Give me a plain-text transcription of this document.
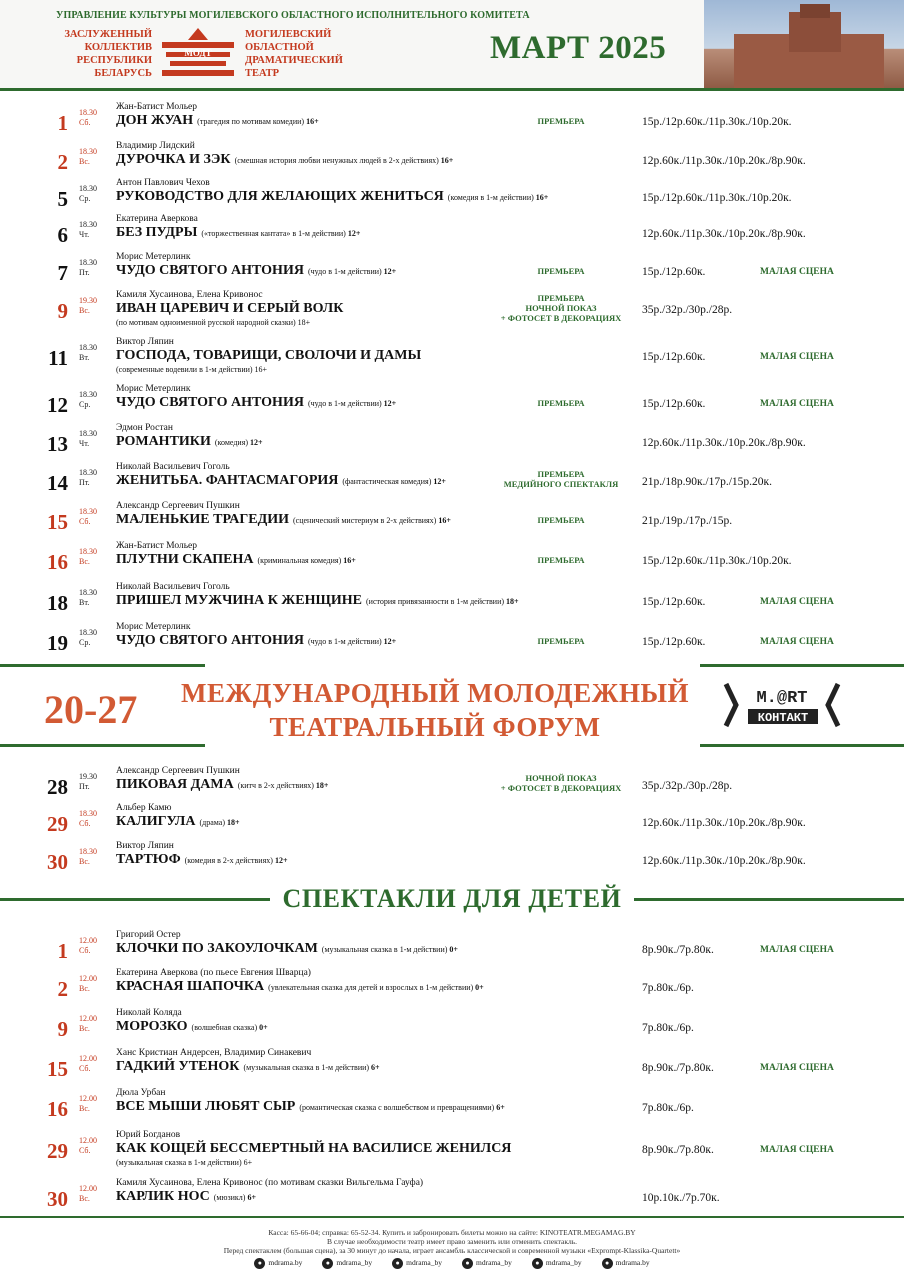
УПРАВЛЕНИЕ КУЛЬТУРЫ МОГИЛЕВСКОГО ОБЛАСТНОГО ИСПОЛНИТЕЛЬНОГО КОМИТЕТА
ЗАСЛУЖЕННЫЙ
КОЛЛЕКТИВ
РЕСПУБЛИКИ
БЕЛАРУСЬ
МОДТ
МОГИЛЕВСКИЙ
ОБЛАСТНОЙ
ДРАМАТИЧЕСКИЙ
ТЕАТР
МАРТ 2025
1 18.30
Сб.
Жан-Батист Мольер
ДОН ЖУАН (трагедия по мотивам комедии) 16+	ПРЕМЬЕРА	15р./12р.60к./11р.30к./10р.20к.
2 18.30
Вс.
Владимир Лидский
ДУРОЧКА И ЗЭК (смешная история любви ненужных людей в 2-х действиях) 16+	12р.60к./11р.30к./10р.20к./8р.90к.
5 18.30
Ср.
Антон Павлович Чехов
РУКОВОДСТВО ДЛЯ ЖЕЛАЮЩИХ ЖЕНИТЬСЯ (комедия в 1-м действии) 16+	15р./12р.60к./11р.30к./10р.20к.
6 18.30
Чт.
Екатерина Аверкова
БЕЗ ПУДРЫ («торжественная кантата» в 1-м действии) 12+	12р.60к./11р.30к./10р.20к./8р.90к.
7 18.30
Пт.
Морис Метерлинк
ЧУДО СВЯТОГО АНТОНИЯ (чудо в 1-м действии) 12+	ПРЕМЬЕРА	15р./12р.60к.	МАЛАЯ СЦЕНА
9 19.30
Вс.
Камиля Хусаинова, Елена Кривонос
ИВАН ЦАРЕВИЧ И СЕРЫЙ ВОЛК
(по мотивам одноименной русской народной сказки) 18+
ПРЕМЬЕРА
НОЧНОЙ ПОКАЗ
+ ФОТОСЕТ В ДЕКОРАЦИЯХ
35р./32р./30р./28р.
11 18.30
Вт.
Виктор Ляпин
ГОСПОДА, ТОВАРИЩИ, СВОЛОЧИ И ДАМЫ
(современные водевили в 1-м действии) 16+
15р./12р.60к.	МАЛАЯ СЦЕНА
12 18.30
Ср.
Морис Метерлинк
ЧУДО СВЯТОГО АНТОНИЯ (чудо в 1-м действии) 12+	ПРЕМЬЕРА	15р./12р.60к.	МАЛАЯ СЦЕНА
13 18.30
Чт.
Эдмон Ростан
РОМАНТИКИ (комедия) 12+	12р.60к./11р.30к./10р.20к./8р.90к.
14 18.30
Пт.
Николай Васильевич Гоголь
ЖЕНИТЬБА. ФАНТАСМАГОРИЯ (фантастическая комедия) 12+
ПРЕМЬЕРА
МЕДИЙНОГО СПЕКТАКЛЯ	21р./18р.90к./17р./15р.20к.
15 18.30
Сб.
Александр Сергеевич Пушкин
МАЛЕНЬКИЕ ТРАГЕДИИ (сценический мистериум в 2-х действиях) 16+	ПРЕМЬЕРА	21р./19р./17р./15р.
16 18.30
Вс.
Жан-Батист Мольер
ПЛУТНИ СКАПЕНА (криминальная комедия) 16+	ПРЕМЬЕРА	15р./12р.60к./11р.30к./10р.20к.
18 18.30
Вт.
Николай Васильевич Гоголь
ПРИШЕЛ МУЖЧИНА К ЖЕНЩИНЕ (история привязанности в 1-м действии) 18+	15р./12р.60к.	МАЛАЯ СЦЕНА
19 18.30
Ср.
Морис Метерлинк
ЧУДО СВЯТОГО АНТОНИЯ (чудо в 1-м действии) 12+	ПРЕМЬЕРА	15р./12р.60к.	МАЛАЯ СЦЕНА
20-27	МЕЖДУНАРОДНЫЙ МОЛОДЕЖНЫЙ
ТЕАТРАЛЬНЫЙ ФОРУМ
M.@RT
КОНТАКТ
28 19.30
Пт.
Александр Сергеевич Пушкин
ПИКОВАЯ ДАМА (китч в 2-х действиях) 18+
НОЧНОЙ ПОКАЗ
+ ФОТОСЕТ В ДЕКОРАЦИЯХ	35р./32р./30р./28р.
29 18.30
Сб.
Альбер Камю
КАЛИГУЛА (драма) 18+	12р.60к./11р.30к./10р.20к./8р.90к.
30 18.30
Вс.
Виктор Ляпин
ТАРТЮФ (комедия в 2-х действиях) 12+	12р.60к./11р.30к./10р.20к./8р.90к.
СПЕКТАКЛИ ДЛЯ ДЕТЕЙ
1 12.00
Сб.
Григорий Остер
КЛОЧКИ ПО ЗАКОУЛОЧКАМ (музыкальная сказка в 1-м действии) 0+	8р.90к./7р.80к.	МАЛАЯ СЦЕНА
2 12.00
Вс.
Екатерина Аверкова (по пьесе Евгения Шварца)
КРАСНАЯ ШАПОЧКА (увлекательная сказка для детей и взрослых в 1-м действии) 0+	7р.80к./6р.
9 12.00
Вс.
Николай Коляда
МОРОЗКО (волшебная сказка) 0+	7р.80к./6р.
15 12.00
Сб.
Ханс Кристиан Андерсен, Владимир Синакевич
ГАДКИЙ УТЕНОК (музыкальная сказка в 1-м действии) 6+	8р.90к./7р.80к.	МАЛАЯ СЦЕНА
16 12.00
Вс.
Дюла Урбан
ВСЕ МЫШИ ЛЮБЯТ СЫР (романтическая сказка с волшебством и превращениями) 6+	7р.80к./6р.
29 12.00
Сб.
Юрий Богданов
КАК КОЩЕЙ БЕССМЕРТНЫЙ НА ВАСИЛИСЕ ЖЕНИЛСЯ
(музыкальная сказка в 1-м действии) 6+
8р.90к./7р.80к.	МАЛАЯ СЦЕНА
30 12.00
Вс.
Камиля Хусаинова, Елена Кривонос (по мотивам сказки Вильгельма Гауфа)
КАРЛИК НОС (мюзикл) 6+	10р.10к./7р.70к.
Касса: 65-66-04; справка: 65-52-34. Купить и забронировать билеты можно на сайте: KINOTEATR.MEGAMAG.BY
В случае необходимости театр имеет право заменить или отменить спектакль.
Перед спектаклем (большая сцена), за 30 минут до начала, играет ансамбль классической и современной музыки «Exprompt-Klassika-Quartett»
● mdrama.by	● mdrama_by	● mdrama_by	● mdrama_by	● mdrama_by	● mdrama.by
